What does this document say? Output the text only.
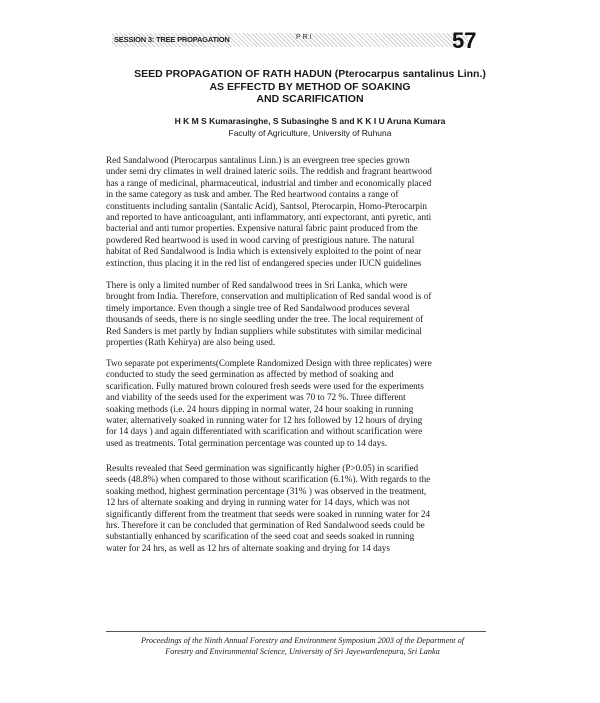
SESSION 3: TREE PROPAGATION	P R I	57
SEED PROPAGATION OF RATH HADUN (Pterocarpus santalinus Linn.)
AS EFFECTD BY METHOD OF SOAKING
AND SCARIFICATION
H K M S Kumarasinghe, S Subasinghe S and K K I U Aruna Kumara
Faculty of Agriculture, University of Ruhuna
Red Sandalwood (Pterocarpus santalinus Linn.) is an evergreen tree species grown
under semi dry climates in well drained lateric soils. The reddish and fragrant heartwood
has a range of medicinal, pharmaceutical, industrial and timber and economically placed
in the same category as tusk and amber. The Red heartwood contains a range of
constituents including santalin (Santalic Acid), Santsol, Pterocarpin, Homo-Pterocarpin
and reported to have anticoagulant, anti inflammatory, anti expectorant, anti pyretic, anti
bacterial and anti tumor properties. Expensive natural fabric paint produced from the
powdered Red heartwood is used in wood carving of prestigious nature. The natural
habitat of Red Sandalwood is India which is extensively exploited to the point of near
extinction, thus placing it in the red list of endangered species under IUCN guidelines
There is only a limited number of Red sandalwood trees in Sri Lanka, which were
brought from India. Therefore, conservation and multiplication of Red sandal wood is of
timely importance. Even though a single tree of Red Sandalwood produces several
thousands of seeds, there is no single seedling under the tree. The local requirement of
Red Sanders is met partly by Indian suppliers while substitutes with similar medicinal
properties (Rath Kehirya) are also being used.
Two separate pot experiments(Complete Randomized Design with three replicates) were
conducted to study the seed germination as affected by method of soaking and
scarification. Fully matured brown coloured fresh seeds were used for the experiments
and viability of the seeds used for the experiment was 70 to 72 %. Three different
soaking methods (i.e. 24 hours dipping in normal water, 24 hour soaking in running
water, alternatively soaked in running water for 12 hrs followed by 12 hours of drying
for 14 days ) and again differentiated with scarification and without scarification were
used as treatments. Total germination percentage was counted up to 14 days.
Results revealed that Seed germination was significantly higher (P>0.05) in scarified
seeds (48.8%) when compared to those without scarification (6.1%). With regards to the
soaking method, highest germination percentage (31% ) was observed in the treatment,
12 hrs of alternate soaking and drying in running water for 14 days, which was not
significantly different from the treatment that seeds were soaked in running water for 24
hrs. Therefore it can be concluded that germination of Red Sandalwood seeds could be
substantially enhanced by scarification of the seed coat and seeds soaked in running
water for 24 hrs, as well as 12 hrs of alternate soaking and drying for 14 days
Proceedings of the Ninth Annual Forestry and Environment Symposium 2003 of the Department of
Forestry and Environmental Science, University of Sri Jayewardenepura, Sri Lanka
